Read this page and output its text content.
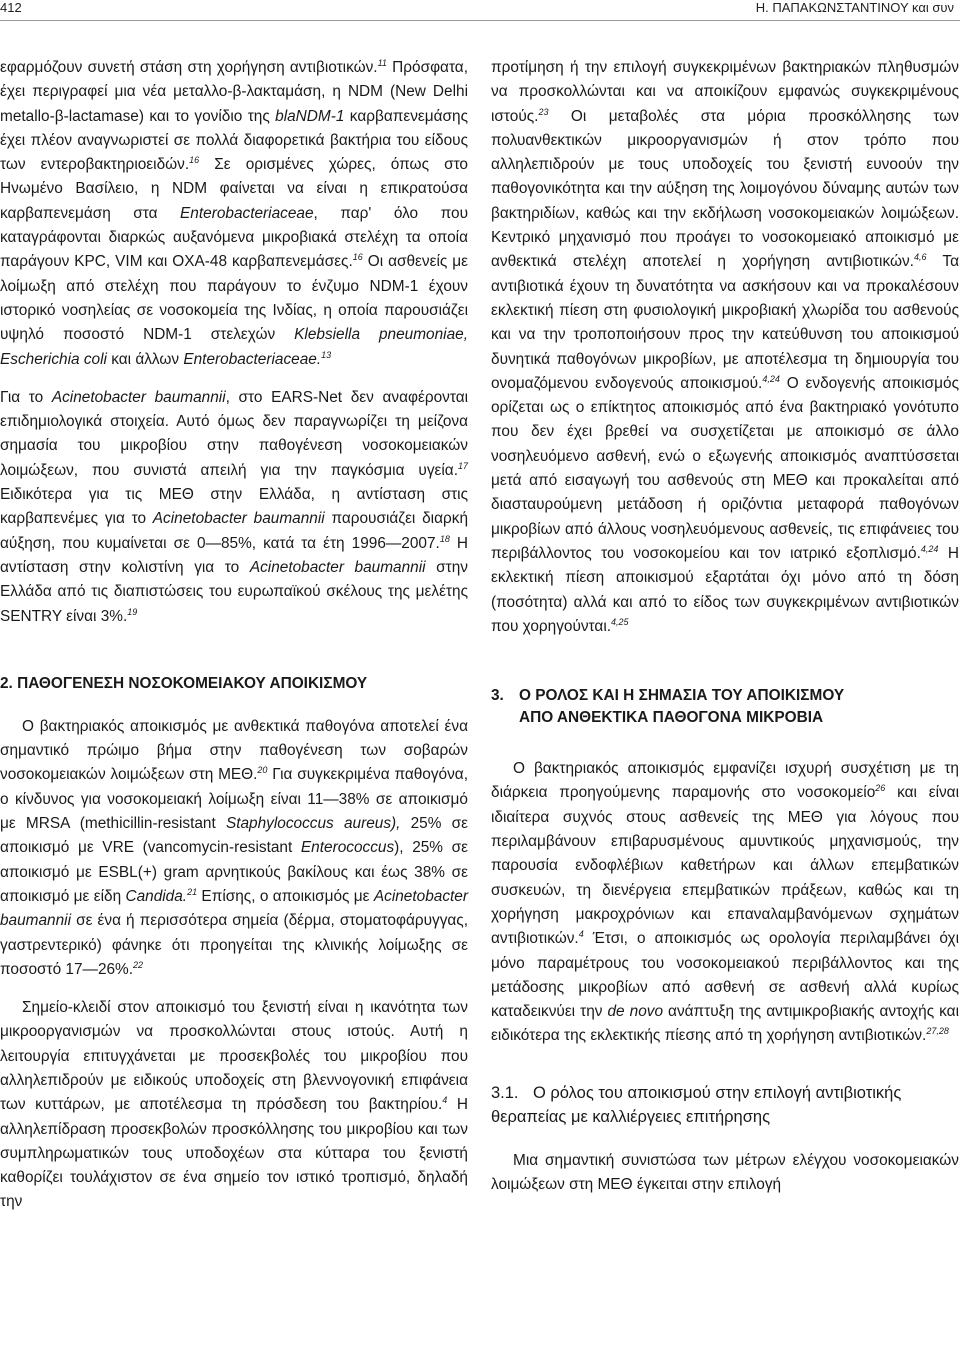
412	Η. ΠΑΠΑΚΩΝΣΤΑΝΤΙΝΟΥ και συν

εφαρμόζουν συνετή στάση στη χορήγηση αντιβιοτικών.$^{11}$ Πρόσφατα, έχει περιγραφεί μια νέα μεταλλο-β-λακταμάση, η NDM (New Delhi metallo-β-lactamase) και το γονίδιο της blaNDM-1 καρβαπενεμάσης έχει πλέον αναγνωριστεί σε πολλά διαφορετικά βακτήρια του είδους των εντεροβακτηριοειδών.$^{16}$ Σε ορισμένες χώρες, όπως στο Ηνωμένο Βασίλειο, η NDM φαίνεται να είναι η επικρατούσα καρβαπενεμάση στα Enterobacteriaceae, παρ' όλο που καταγράφονται διαρκώς αυξανόμενα μικροβιακά στελέχη τα οποία παράγουν KPC, VIM και OXA-48 καρβαπενεμάσες.$^{16}$ Οι ασθενείς με λοίμωξη από στελέχη που παράγουν το ένζυμο NDM-1 έχουν ιστορικό νοσηλείας σε νοσοκομεία της Ινδίας, η οποία παρουσιάζει υψηλό ποσοστό NDM-1 στελεχών Klebsiella pneumoniae, Escherichia coli και άλλων Enterobacteriaceae.$^{13}$

Για το Acinetobacter baumannii, στο EARS-Net δεν αναφέρονται επιδημιολογικά στοιχεία. Αυτό όμως δεν παραγνωρίζει τη μείζονα σημασία του μικροβίου στην παθογένεση νοσοκομειακών λοιμώξεων, που συνιστά απειλή για την παγκόσμια υγεία.$^{17}$ Ειδικότερα για τις ΜΕΘ στην Ελλάδα, η αντίσταση στις καρβαπενέμες για το Acinetobacter baumannii παρουσιάζει διαρκή αύξηση, που κυμαίνεται σε 0—85%, κατά τα έτη 1996—2007.18 Η αντίσταση στην κολιστίνη για το Acinetobacter baumannii στην Ελλάδα από τις διαπιστώσεις του ευρωπαϊκού σκέλους της μελέτης SENTRY είναι 3%.$^{19}$

2. ΠΑΘΟΓΕΝΕΣΗ ΝΟΣΟΚΟΜΕΙΑΚΟΥ ΑΠΟΙΚΙΣΜΟΥ

Ο βακτηριακός αποικισμός με ανθεκτικά παθογόνα αποτελεί ένα σημαντικό πρώιμο βήμα στην παθογένεση των σοβαρών νοσοκομειακών λοιμώξεων στη ΜΕΘ.$^{20}$ Για συγκεκριμένα παθογόνα, ο κίνδυνος για νοσοκομειακή λοίμωξη είναι 11—38% σε αποικισμό με MRSA (methicillin-resistant Staphylococcus aureus), 25% σε αποικισμό με VRE (vancomycin-resistant Enterococcus), 25% σε αποικισμό με ESBL(+) gram αρνητικούς βακίλους και έως 38% σε αποικισμό με είδη Candida.$^{21}$ Επίσης, ο αποικισμός με Acinetobacter baumannii σε ένα ή περισσότερα σημεία (δέρμα, στοματοφάρυγγας, γαστρεντερικό) φάνηκε ότι προηγείται της κλινικής λοίμωξης σε ποσοστό 17—26%.$^{22}$

Σημείο-κλειδί στον αποικισμό του ξενιστή είναι η ικανότητα των μικροοργανισμών να προσκολλώνται στους ιστούς. Αυτή η λειτουργία επιτυγχάνεται με προσεκβολές του μικροβίου που αλληλεπιδρούν με ειδικούς υποδοχείς στη βλεννογονική επιφάνεια των κυττάρων, με αποτέλεσμα τη πρόσδεση του βακτηρίου.$^4$ Η αλληλεπίδραση προσεκβολών προσκόλλησης του μικροβίου και των συμπληρωματικών τους υποδοχέων στα κύτταρα του ξενιστή καθορίζει τουλάχιστον σε ένα σημείο τον ιστικό τροπισμό, δηλαδή την

προτίμηση ή την επιλογή συγκεκριμένων βακτηριακών πληθυσμών να προσκολλώνται και να αποικίζουν εμφανώς συγκεκριμένους ιστούς.$^{23}$ Οι μεταβολές στα μόρια προσκόλλησης των πολυανθεκτικών μικροοργανισμών ή στον τρόπο που αλληλεπιδρούν με τους υποδοχείς του ξενιστή ευνοούν την παθογονικότητα και την αύξηση της λοιμογόνου δύναμης αυτών των βακτηριδίων, καθώς και την εκδήλωση νοσοκομειακών λοιμώξεων. Κεντρικό μηχανισμό που προάγει το νοσοκομειακό αποικισμό με ανθεκτικά στελέχη αποτελεί η χορήγηση αντιβιοτικών.$^{4,6}$ Τα αντιβιοτικά έχουν τη δυνατότητα να ασκήσουν και να προκαλέσουν εκλεκτική πίεση στη φυσιολογική μικροβιακή χλωρίδα του ασθενούς και να την τροποποιήσουν προς την κατεύθυνση του αποικισμού δυνητικά παθογόνων μικροβίων, με αποτέλεσμα τη δημιουργία του ονομαζόμενου ενδογενούς αποικισμού.$^{4,24}$ Ο ενδογενής αποικισμός ορίζεται ως ο επίκτητος αποικισμός από ένα βακτηριακό γονότυπο που δεν έχει βρεθεί να συσχετίζεται με αποικισμό σε άλλο νοσηλευόμενο ασθενή, ενώ ο εξωγενής αποικισμός αναπτύσσεται μετά από εισαγωγή του ασθενούς στη ΜΕΘ και προκαλείται από διασταυρούμενη μετάδοση ή οριζόντια μεταφορά παθογόνων μικροβίων από άλλους νοσηλευόμενους ασθενείς, τις επιφάνειες του περιβάλλοντος του νοσοκομείου και τον ιατρικό εξοπλισμό.$^{4,24}$ Η εκλεκτική πίεση αποικισμού εξαρτάται όχι μόνο από τη δόση (ποσότητα) αλλά και από το είδος των συγκεκριμένων αντιβιοτικών που χορηγούνται.$^{4,25}$

3. Ο ΡΟΛΟΣ ΚΑΙ Η ΣΗΜΑΣΙΑ ΤΟΥ ΑΠΟΙΚΙΣΜΟΥ
ΑΠΟ ΑΝΘΕΚΤΙΚΑ ΠΑΘΟΓΟΝΑ ΜΙΚΡΟΒΙΑ

Ο βακτηριακός αποικισμός εμφανίζει ισχυρή συσχέτιση με τη διάρκεια προηγούμενης παραμονής στο νοσοκομείο$^{26}$ και είναι ιδιαίτερα συχνός στους ασθενείς της ΜΕΘ για λόγους που περιλαμβάνουν επιβαρυσμένους αμυντικούς μηχανισμούς, την παρουσία ενδοφλέβιων καθετήρων και άλλων επεμβατικών συσκευών, τη διενέργεια επεμβατικών πράξεων, καθώς και τη χορήγηση μακροχρόνιων και επαναλαμβανόμενων σχημάτων αντιβιοτικών.$^4$ Έτσι, ο αποικισμός ως ορολογία περιλαμβάνει όχι μόνο παραμέτρους του νοσοκομειακού περιβάλλοντος και της μετάδοσης μικροβίων από ασθενή σε ασθενή αλλά κυρίως καταδεικνύει την de novo ανάπτυξη της αντιμικροβιακής αντοχής και ειδικότερα της εκλεκτικής πίεσης από τη χορήγηση αντιβιοτικών.$^{27,28}$

3.1. Ο ρόλος του αποικισμού στην επιλογή αντιβιοτικής θεραπείας με καλλιέργειες επιτήρησης

Μια σημαντική συνιστώσα των μέτρων ελέγχου νοσοκομειακών λοιμώξεων στη ΜΕΘ έγκειται στην επιλογή
